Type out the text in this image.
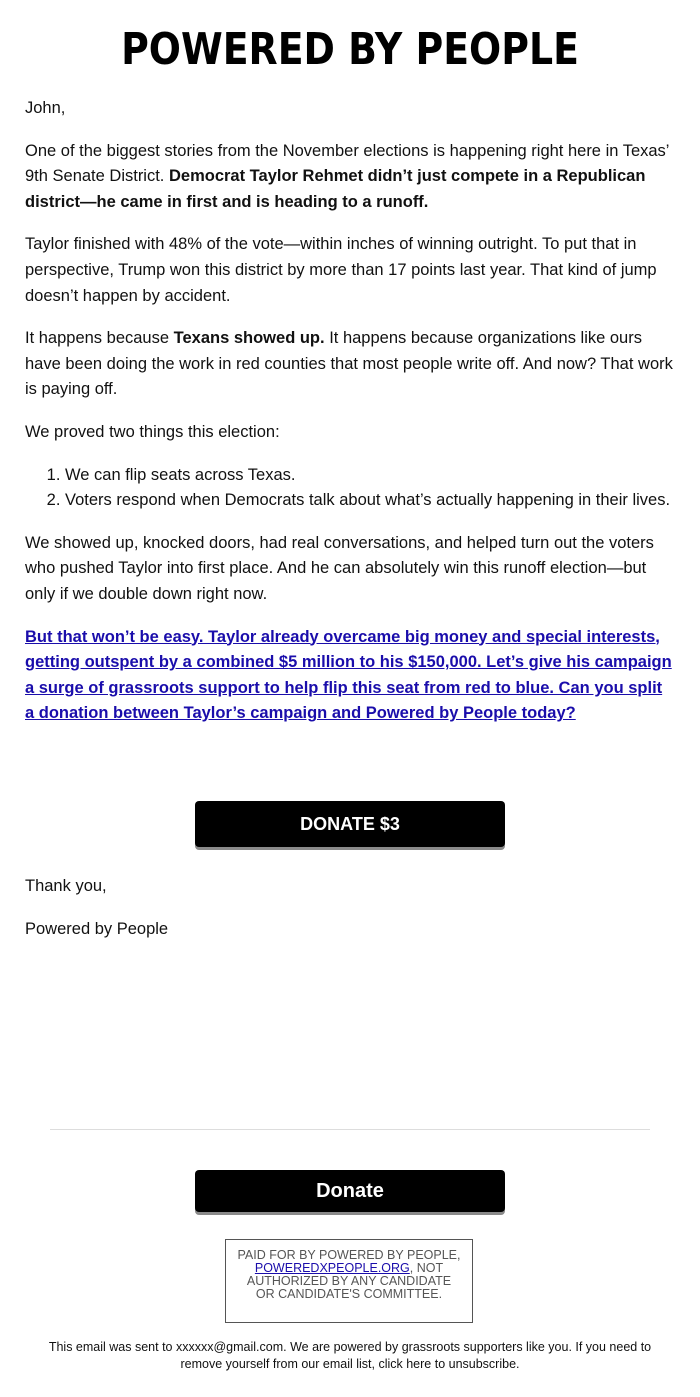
POWERED BY PEOPLE

John,

One of the biggest stories from the November elections is happening right here in Texas’ 9th Senate District. Democrat Taylor Rehmet didn’t just compete in a Republican district—he came in first and is heading to a runoff.

Taylor finished with 48% of the vote—within inches of winning outright. To put that in perspective, Trump won this district by more than 17 points last year. That kind of jump doesn’t happen by accident.

It happens because Texans showed up. It happens because organizations like ours have been doing the work in red counties that most people write off. And now? That work is paying off.

We proved two things this election:

1. We can flip seats across Texas.
2. Voters respond when Democrats talk about what’s actually happening in their lives.

We showed up, knocked doors, had real conversations, and helped turn out the voters who pushed Taylor into first place. And he can absolutely win this runoff election—but only if we double down right now.

But that won’t be easy. Taylor already overcame big money and special interests, getting outspent by a combined $5 million to his $150,000. Let’s give his campaign a surge of grassroots support to help flip this seat from red to blue. Can you split a donation between Taylor’s campaign and Powered by People today?

DONATE $3

Thank you,

Powered by People

Donate
PAID FOR BY POWERED BY PEOPLE, POWEREDXPEOPLE.ORG, NOT AUTHORIZED BY ANY CANDIDATE OR CANDIDATE'S COMMITTEE.
This email was sent to xxxxxx@gmail.com. We are powered by grassroots supporters like you. If you need to remove yourself from our email list, click here to unsubscribe.
